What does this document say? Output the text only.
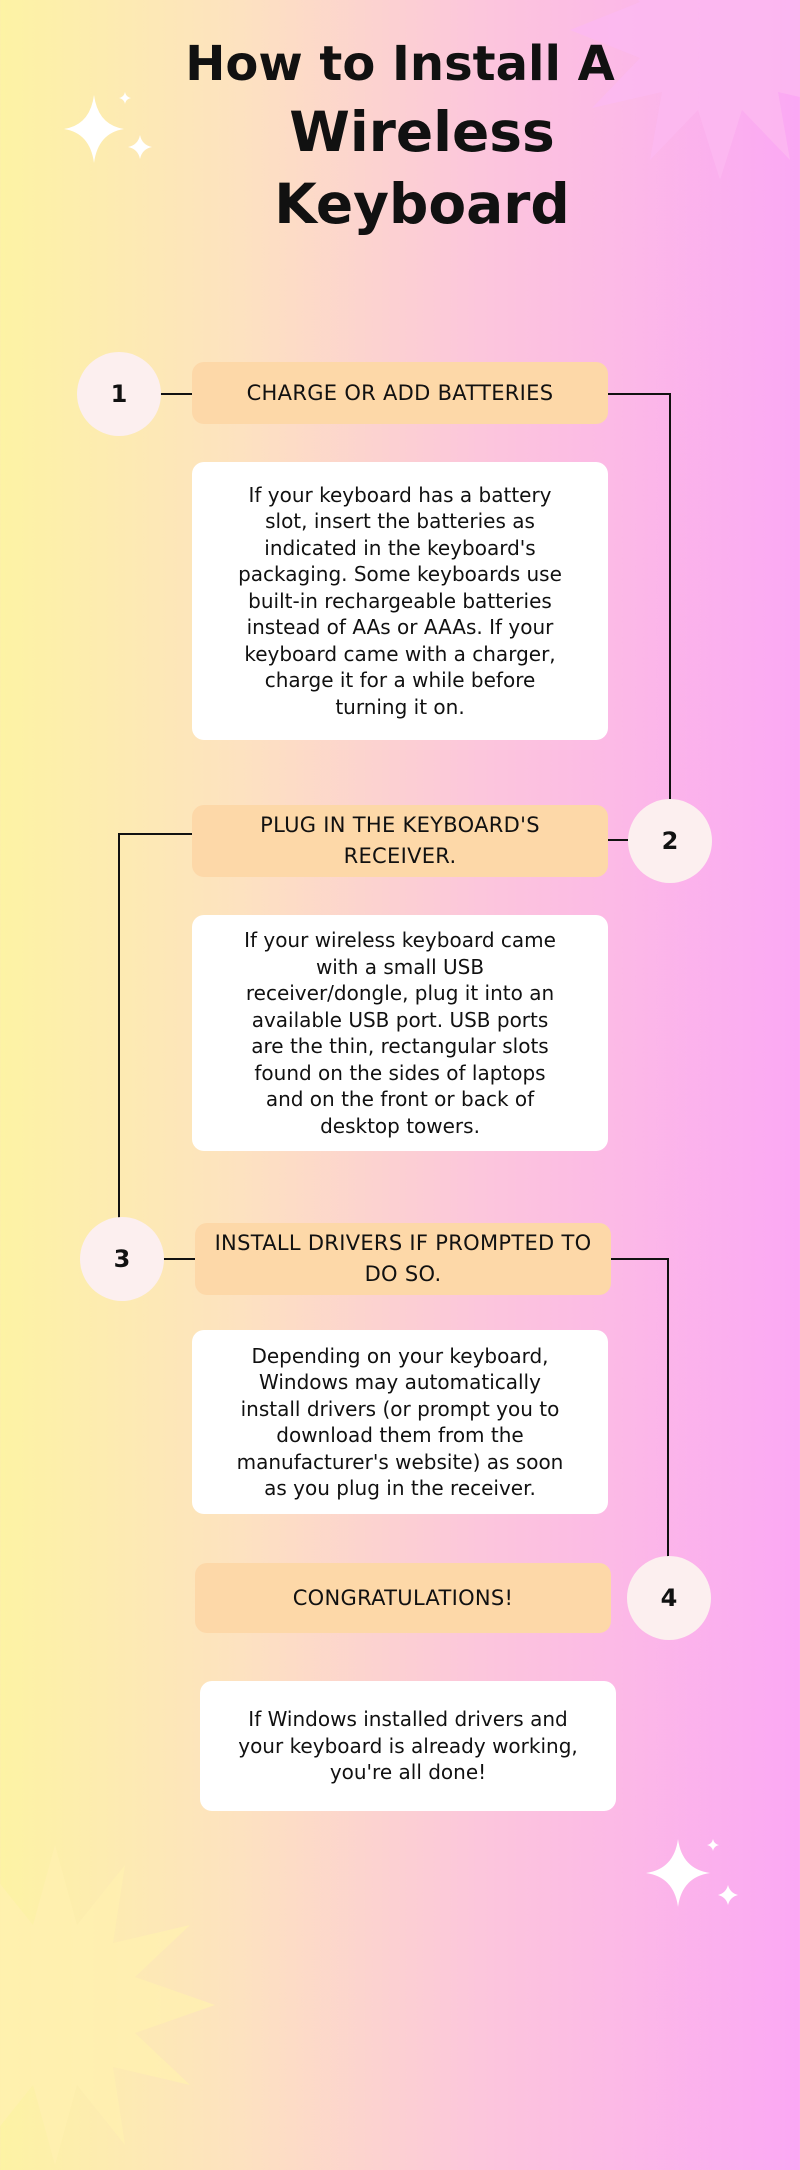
How to Install A
Wireless
Keyboard
1	CHARGE OR ADD BATTERIES
If your keyboard has a battery slot, insert the batteries as indicated in the keyboard's packaging. Some keyboards use built-in rechargeable batteries instead of AAs or AAAs. If your keyboard came with a charger, charge it for a while before turning it on.
2
PLUG IN THE KEYBOARD'S RECEIVER.
If your wireless keyboard came with a small USB receiver/dongle, plug it into an available USB port. USB ports are the thin, rectangular slots found on the sides of laptops and on the front or back of desktop towers.
3
INSTALL DRIVERS IF PROMPTED TO DO SO.
Depending on your keyboard, Windows may automatically install drivers (or prompt you to download them from the manufacturer's website) as soon as you plug in the receiver.
4
CONGRATULATIONS!
If Windows installed drivers and your keyboard is already working, you're all done!
